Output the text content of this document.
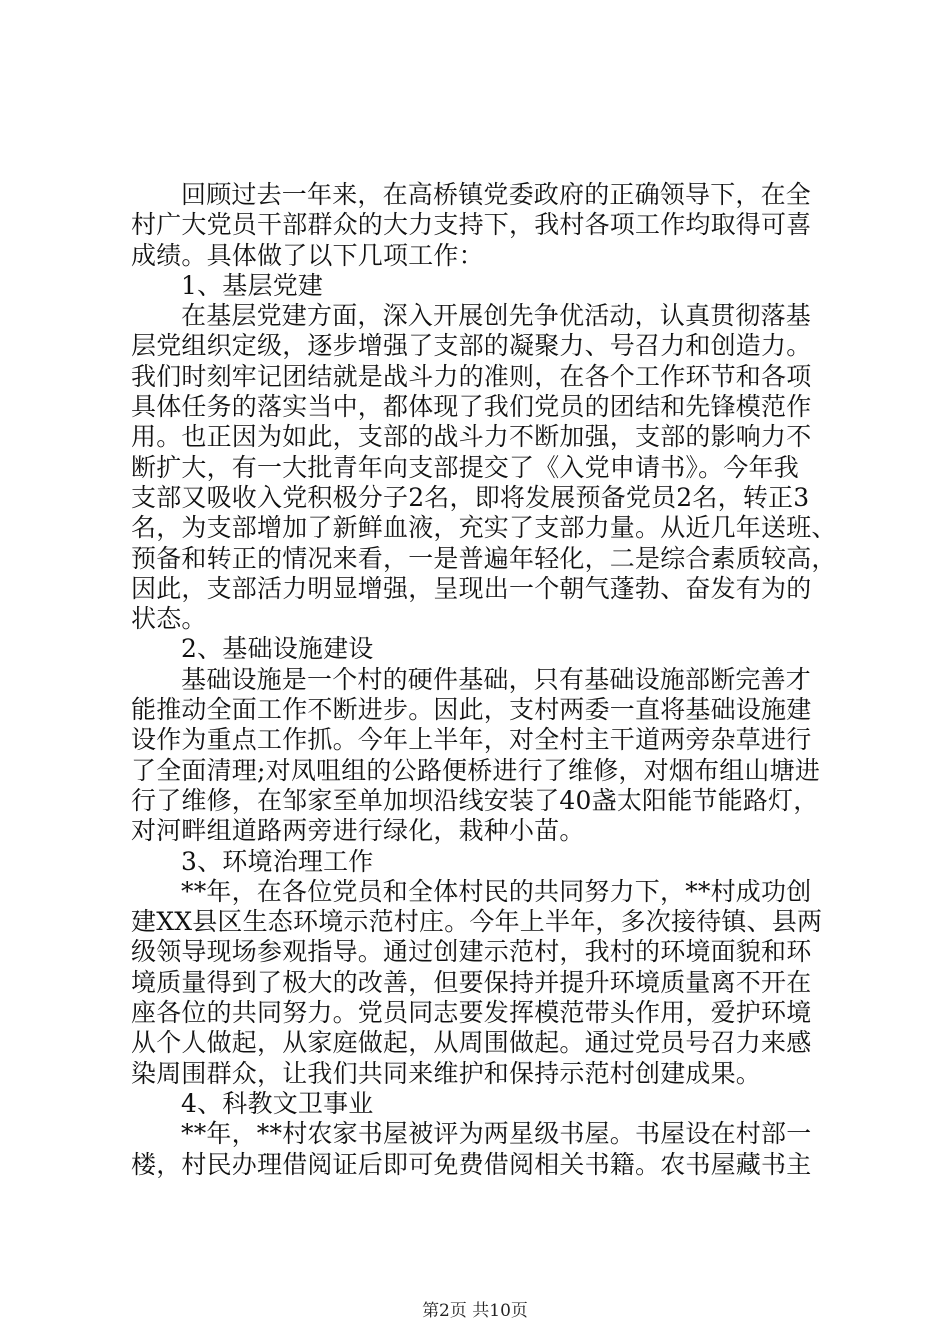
回顾过去一年来，在高桥镇党委政府的正确领导下，在全
村广大党员干部群众的大力支持下，我村各项工作均取得可喜
成绩。具体做了以下几项工作：
1、基层党建
在基层党建方面，深入开展创先争优活动，认真贯彻落基
层党组织定级，逐步增强了支部的凝聚力、号召力和创造力。
我们时刻牢记团结就是战斗力的准则，在各个工作环节和各项
具体任务的落实当中，都体现了我们党员的团结和先锋模范作
用。也正因为如此，支部的战斗力不断加强，支部的影响力不
断扩大，有一大批青年向支部提交了《入党申请书》。今年我
支部又吸收入党积极分子2名，即将发展预备党员2名，转正3
名，为支部增加了新鲜血液，充实了支部力量。从近几年送班、
预备和转正的情况来看，一是普遍年轻化，二是综合素质较高，
因此，支部活力明显增强，呈现出一个朝气蓬勃、奋发有为的
状态。
2、基础设施建设
基础设施是一个村的硬件基础，只有基础设施部断完善才
能推动全面工作不断进步。因此，支村两委一直将基础设施建
设作为重点工作抓。今年上半年，对全村主干道两旁杂草进行
了全面清理;对凤咀组的公路便桥进行了维修，对烟布组山塘进
行了维修，在邹家至单加坝沿线安装了40盏太阳能节能路灯，
对河畔组道路两旁进行绿化，栽种小苗。
3、环境治理工作
**年，在各位党员和全体村民的共同努力下，**村成功创
建XX县区生态环境示范村庄。今年上半年，多次接待镇、县两
级领导现场参观指导。通过创建示范村，我村的环境面貌和环
境质量得到了极大的改善，但要保持并提升环境质量离不开在
座各位的共同努力。党员同志要发挥模范带头作用，爱护环境
从个人做起，从家庭做起，从周围做起。通过党员号召力来感
染周围群众，让我们共同来维护和保持示范村创建成果。
4、科教文卫事业
**年，**村农家书屋被评为两星级书屋。书屋设在村部一
楼，村民办理借阅证后即可免费借阅相关书籍。农书屋藏书主
第2页 共10页
